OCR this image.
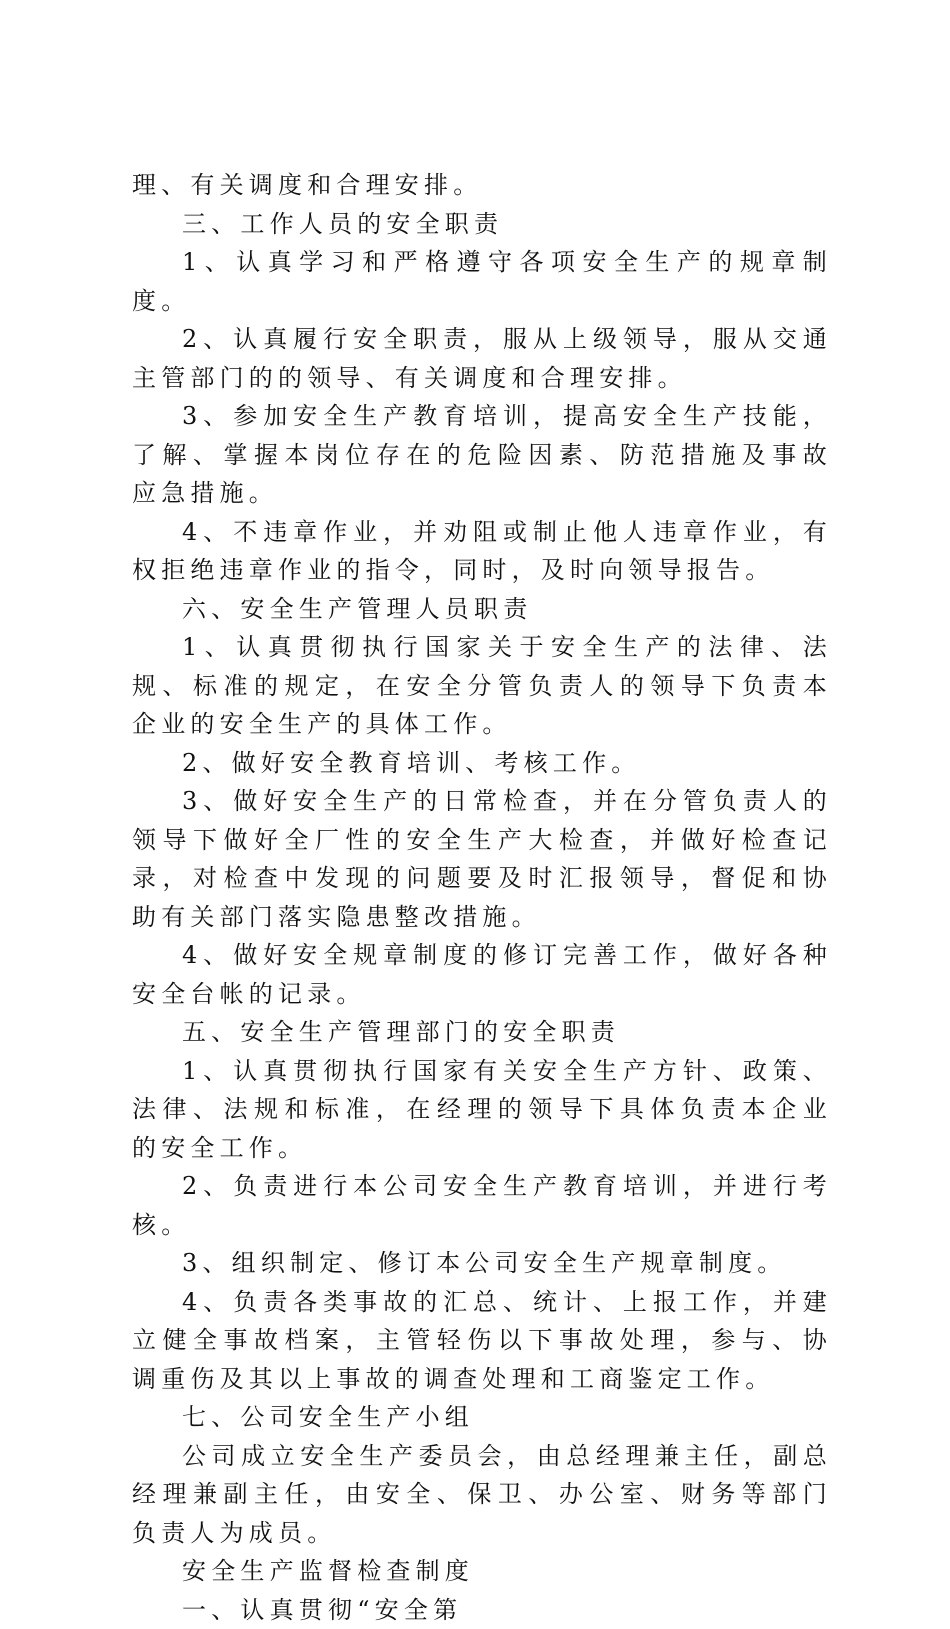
理、有关调度和合理安排。

三、工作人员的安全职责

1、认真学习和严格遵守各项安全生产的规章制度。

2、认真履行安全职责，服从上级领导，服从交通主管部门的的领导、有关调度和合理安排。

3、参加安全生产教育培训，提高安全生产技能，了解、掌握本岗位存在的危险因素、防范措施及事故应急措施。

4、不违章作业，并劝阻或制止他人违章作业，有权拒绝违章作业的指令，同时，及时向领导报告。

六、安全生产管理人员职责

1、认真贯彻执行国家关于安全生产的法律、法规、标准的规定，在安全分管负责人的领导下负责本企业的安全生产的具体工作。

2、做好安全教育培训、考核工作。

3、做好安全生产的日常检查，并在分管负责人的领导下做好全厂性的安全生产大检查，并做好检查记录，对检查中发现的问题要及时汇报领导，督促和协助有关部门落实隐患整改措施。

4、做好安全规章制度的修订完善工作，做好各种安全台帐的记录。

五、安全生产管理部门的安全职责

1、认真贯彻执行国家有关安全生产方针、政策、法律、法规和标准，在经理的领导下具体负责本企业的安全工作。

2、负责进行本公司安全生产教育培训，并进行考核。

3、组织制定、修订本公司安全生产规章制度。

4、负责各类事故的汇总、统计、上报工作，并建立健全事故档案，主管轻伤以下事故处理，参与、协调重伤及其以上事故的调查处理和工商鉴定工作。

七、公司安全生产小组

公司成立安全生产委员会，由总经理兼主任，副总经理兼副主任，由安全、保卫、办公室、财务等部门负责人为成员。

安全生产监督检查制度

一、认真贯彻“安全第
